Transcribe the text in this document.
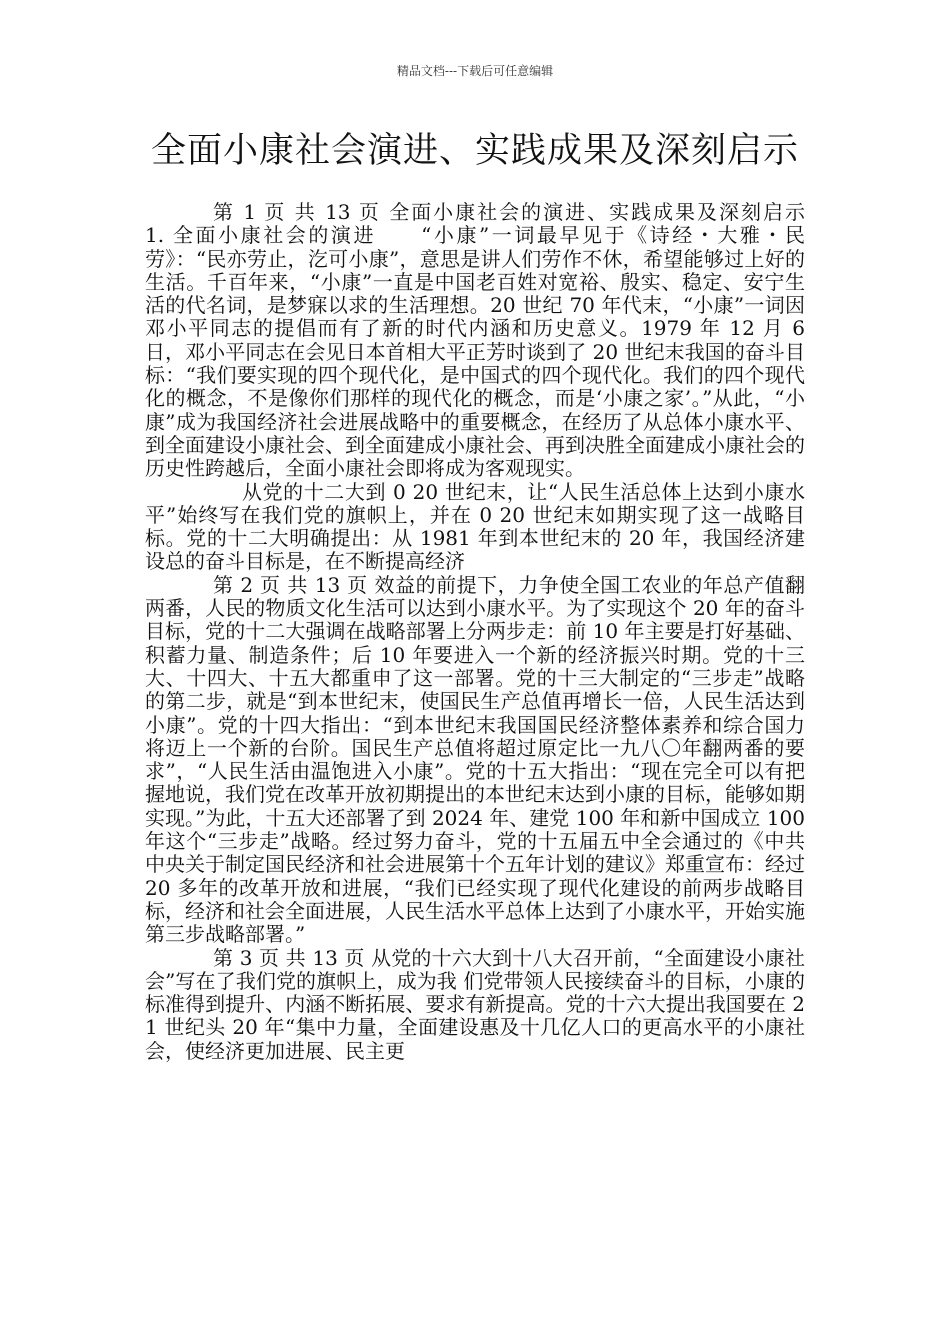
精品文档---下载后可任意编辑
全面小康社会演进、实践成果及深刻启示

第 1 页 共 13 页 全面小康社会的演进、实践成果及深刻启示　　1. 全面小康社会的演进　　“小康”一词最早见于《诗经・大雅・民劳》：“民亦劳止，汔可小康”，意思是讲人们劳作不休，希望能够过上好的生活。千百年来，“小康”一直是中国老百姓对宽裕、殷实、稳定、安宁生活的代名词，是梦寐以求的生活理想。20 世纪 70 年代末，“小康”一词因邓小平同志的提倡而有了新的时代内涵和历史意义。1979 年 12 月 6 日，邓小平同志在会见日本首相大平正芳时谈到了 20 世纪末我国的奋斗目标：“我们要实现的四个现代化，是中国式的四个现代化。我们的四个现代化的概念，不是像你们那样的现代化的概念，而是‘小康之家’。”从此，“小康”成为我国经济社会进展战略中的重要概念，在经历了从总体小康水平、到全面建设小康社会、到全面建成小康社会、再到决胜全面建成小康社会的历史性跨越后，全面小康社会即将成为客观现实。

从党的十二大到 0 20 世纪末，让“人民生活总体上达到小康水平”始终写在我们党的旗帜上，并在 0 20 世纪末如期实现了这一战略目标。党的十二大明确提出：从 1981 年到本世纪末的 20 年，我国经济建设总的奋斗目标是，在不断提高经济

第 2 页 共 13 页 效益的前提下，力争使全国工农业的年总产值翻两番，人民的物质文化生活可以达到小康水平。为了实现这个 20 年的奋斗目标，党的十二大强调在战略部署上分两步走：前 10 年主要是打好基础、积蓄力量、制造条件；后 10 年要进入一个新的经济振兴时期。党的十三大、十四大、十五大都重申了这一部署。党的十三大制定的“三步走”战略的第二步，就是“到本世纪末，使国民生产总值再增长一倍，人民生活达到小康”。党的十四大指出：“到本世纪末我国国民经济整体素养和综合国力将迈上一个新的台阶。国民生产总值将超过原定比一九八〇年翻两番的要求”，“人民生活由温饱进入小康”。党的十五大指出：“现在完全可以有把握地说，我们党在改革开放初期提出的本世纪末达到小康的目标，能够如期实现。”为此，十五大还部署了到 2024 年、建党 100 年和新中国成立 100 年这个“三步走”战略。经过努力奋斗，党的十五届五中全会通过的《中共中央关于制定国民经济和社会进展第十个五年计划的建议》郑重宣布：经过 20 多年的改革开放和进展，“我们已经实现了现代化建设的前两步战略目标，经济和社会全面进展，人民生活水平总体上达到了小康水平，开始实施第三步战略部署。”

第 3 页 共 13 页 从党的十六大到十八大召开前，“全面建设小康社会”写在了我们党的旗帜上，成为我 们党带领人民接续奋斗的目标，小康的标准得到提升、内涵不断拓展、要求有新提高。党的十六大提出我国要在 21 世纪头 20 年“集中力量，全面建设惠及十几亿人口的更高水平的小康社会，使经济更加进展、民主更
